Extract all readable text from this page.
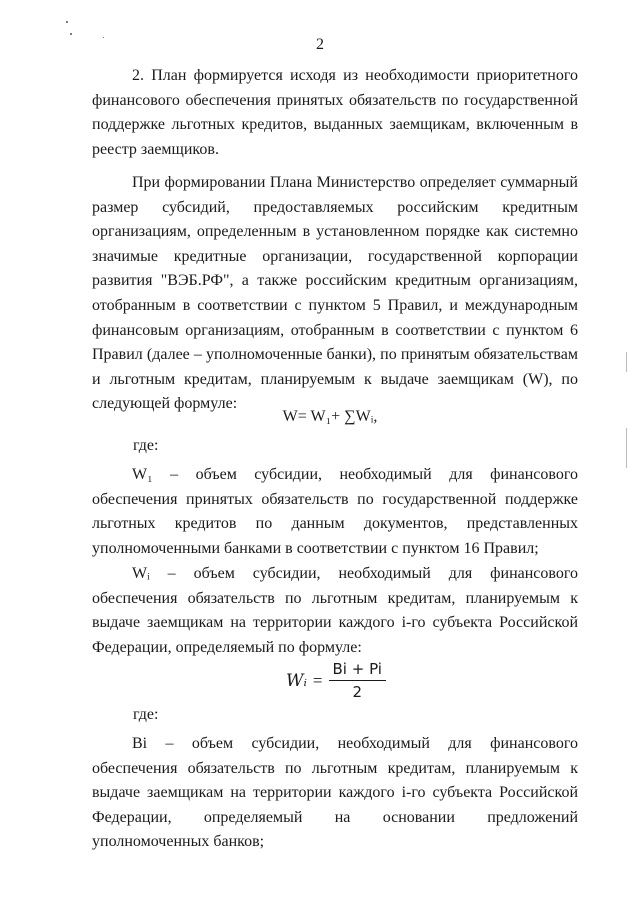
2

2. План формируется исходя из необходимости приоритетного финансового обеспечения принятых обязательств по государственной поддержке льготных кредитов, выданных заемщикам, включенным в реестр заемщиков.

При формировании Плана Министерство определяет суммарный размер субсидий, предоставляемых российским кредитным организациям, определенным в установленном порядке как системно значимые кредитные организации, государственной корпорации развития "ВЭБ.РФ", а также российским кредитным организациям, отобранным в соответствии с пунктом 5 Правил, и международным финансовым организациям, отобранным в соответствии с пунктом 6 Правил (далее – уполномоченные банки), по принятым обязательствам и льготным кредитам, планируемым к выдаче заемщикам (W), по следующей формуле:

W= W₁+ ∑Wᵢ,
где:

W₁ – объем субсидии, необходимый для финансового обеспечения принятых обязательств по государственной поддержке льготных кредитов по данным документов, представленных уполномоченными банками в соответствии с пунктом 16 Правил;

Wᵢ – объем субсидии, необходимый для финансового обеспечения обязательств по льготным кредитам, планируемым к выдаче заемщикам на территории каждого i-го субъекта Российской Федерации, определяемый по формуле:

Wᵢ = $\frac{Bi + Pi}{2}$
где:

Bi – объем субсидии, необходимый для финансового обеспечения обязательств по льготным кредитам, планируемым к выдаче заемщикам на территории каждого i-го субъекта Российской Федерации, определяемый на основании предложений уполномоченных банков;
